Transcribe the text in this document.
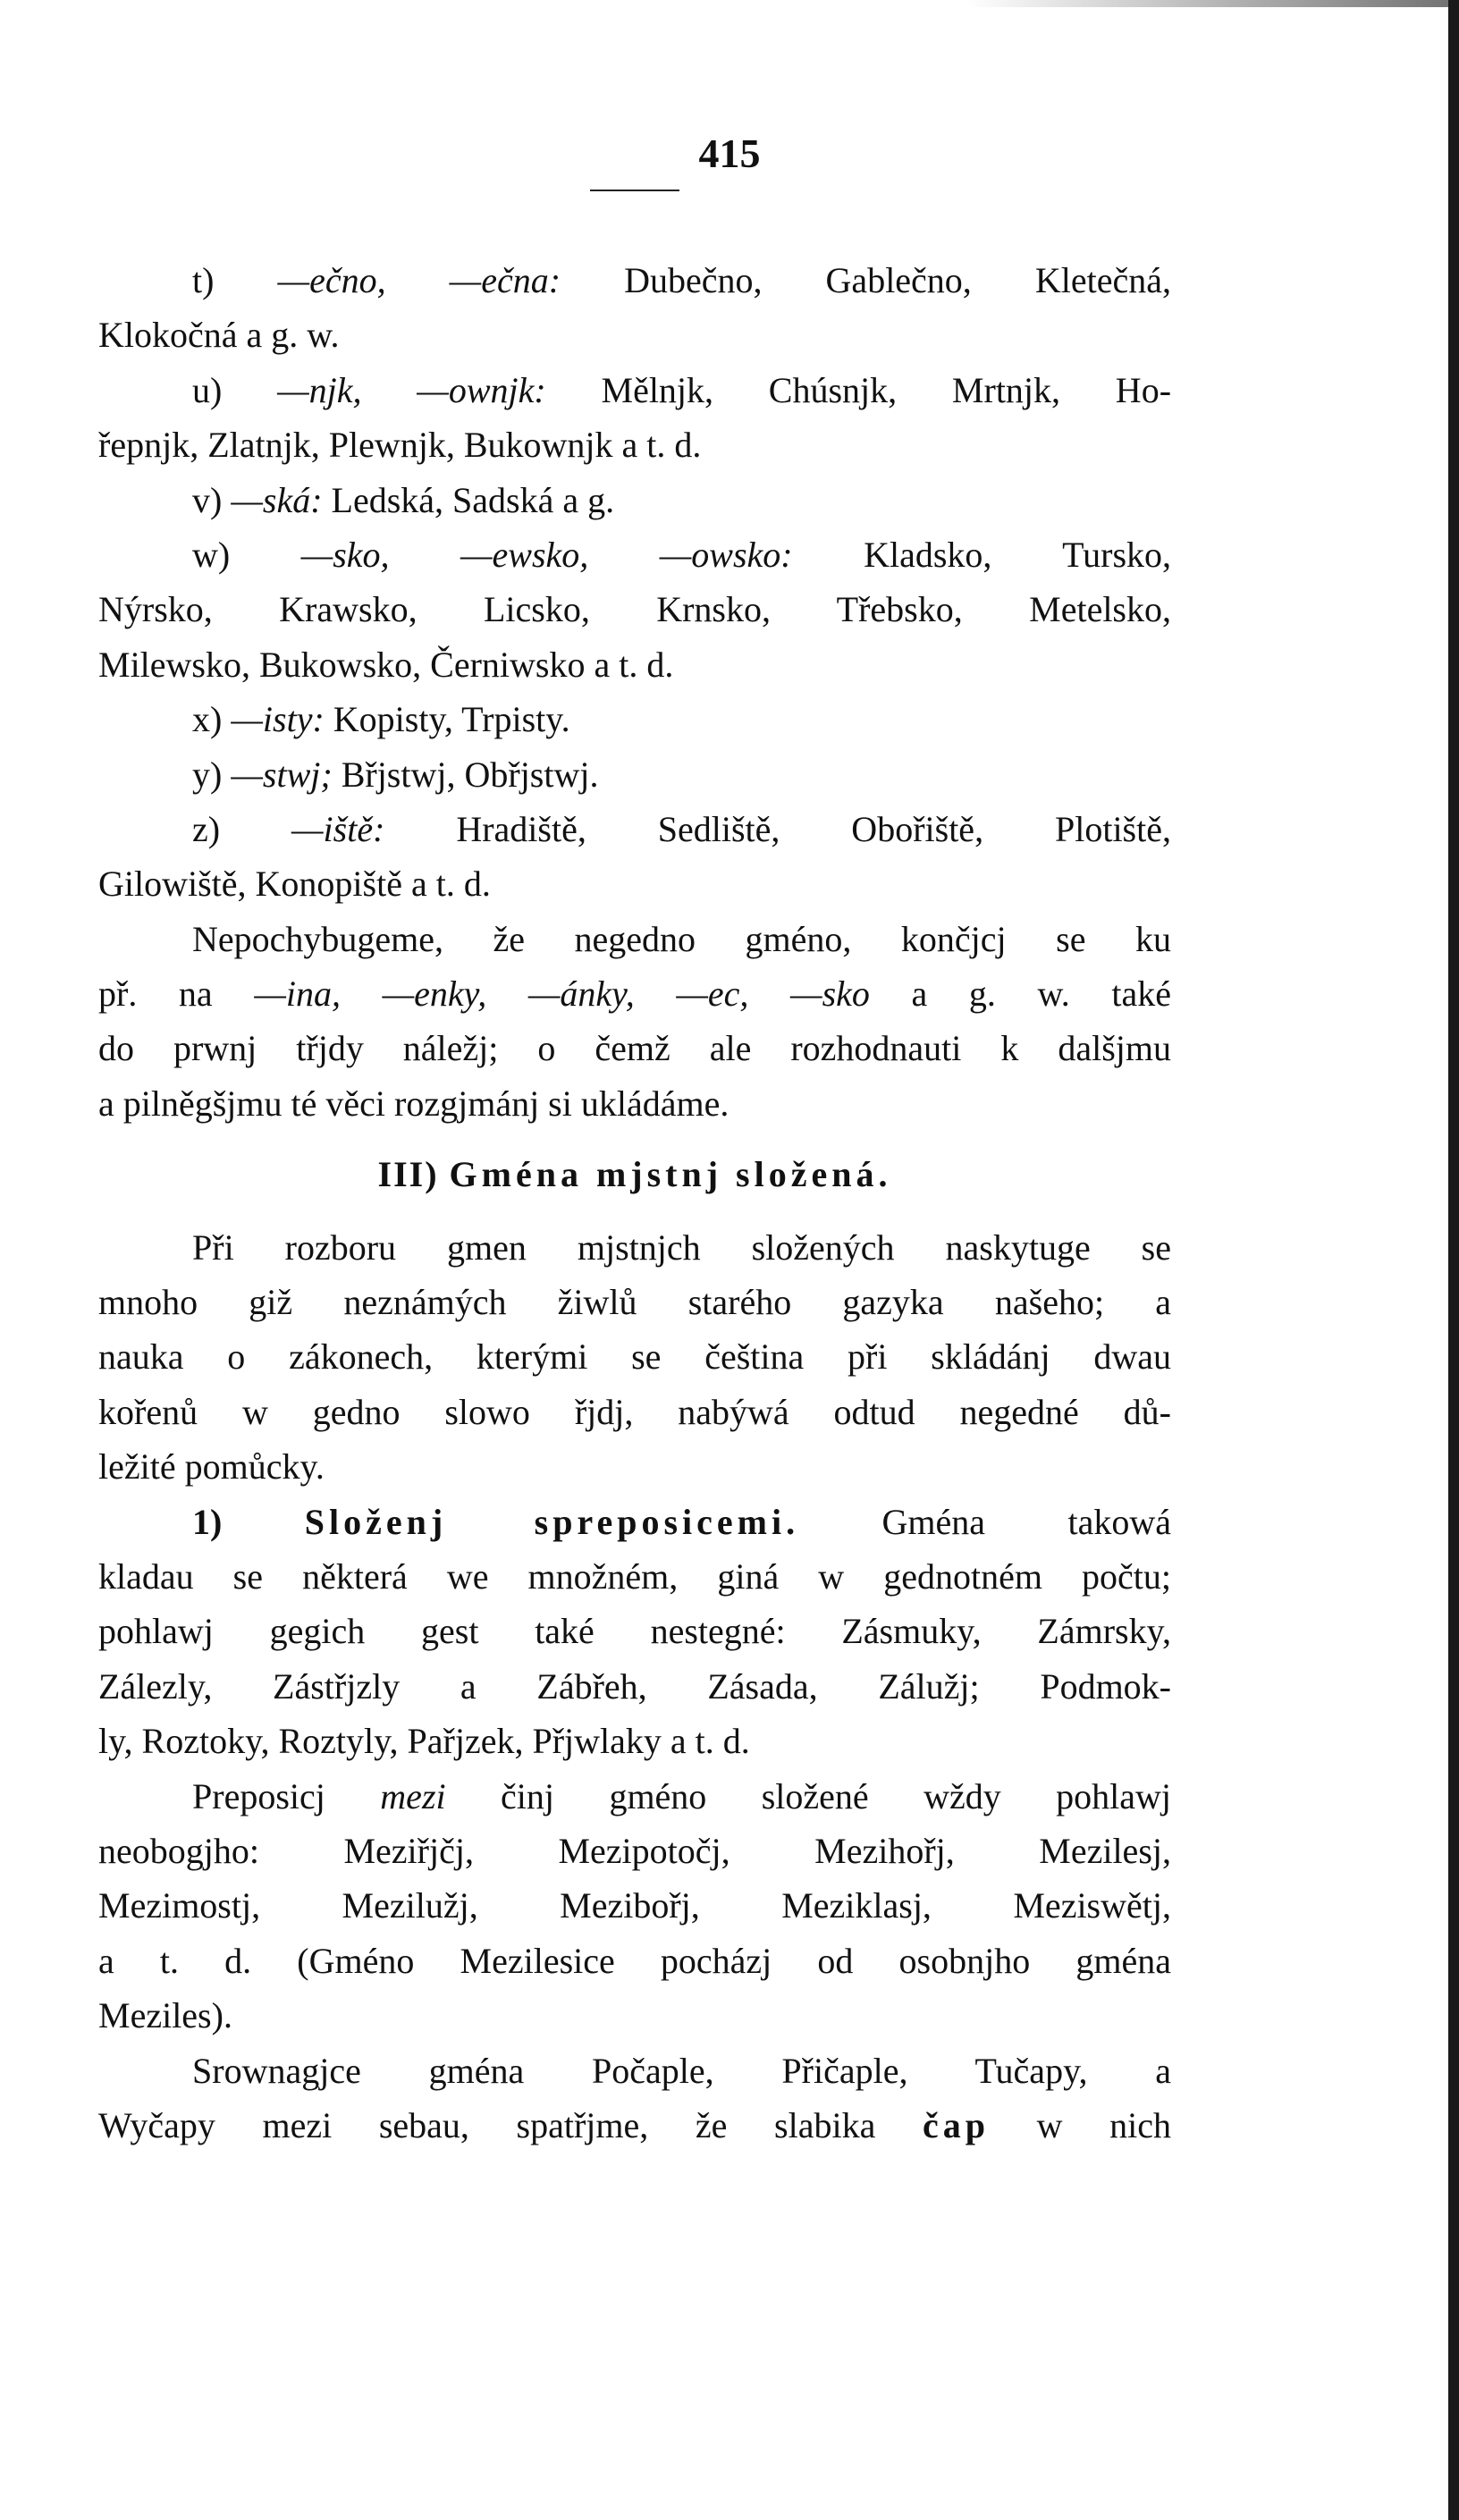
415
t) —ečno, —ečna: Dubečno, Gablečno, Kletečná,
Klokočná a g. w.
u) —njk, —ownjk: Mělnjk, Chúsnjk, Mrtnjk, Ho-
řepnjk, Zlatnjk, Plewnjk, Bukownjk a t. d.
v) —ská: Ledská, Sadská a g.
w) —sko, —ewsko, —owsko: Kladsko, Tursko,
Nýrsko, Krawsko, Licsko, Krnsko, Třebsko, Metelsko,
Milewsko, Bukowsko, Černiwsko a t. d.
x) —isty: Kopisty, Trpisty.
y) —stwj; Břjstwj, Obřjstwj.
z) —iště: Hradiště, Sedliště, Obořiště, Plotiště,
Gilowiště, Konopiště a t. d.
Nepochybugeme, že negedno gméno, končjcj se ku
př. na —ina, —enky, —ánky, —ec, —sko a g. w. také
do prwnj třjdy náležj; o čemž ale rozhodnauti k dalšjmu
a pilněgšjmu té věci rozgjmánj si ukládáme.
III) Gména mjstnj složená.
Při rozboru gmen mjstnjch složených naskytuge se
mnoho giž neznámých žiwlů starého gazyka našeho; a
nauka o zákonech, kterými se čeština při skládánj dwau
kořenů w gedno slowo řjdj, nabýwá odtud negedné dů-
ležité pomůcky.
1) Složenj spreposicemi. Gména takowá
kladau se některá we množném, giná w gednotném počtu;
pohlawj gegich gest také nestegné: Zásmuky, Zámrsky,
Zálezly, Zástřjzly a Zábřeh, Zásada, Zálužj; Podmok-
ly, Roztoky, Roztyly, Pařjzek, Přjwlaky a t. d.
Preposicj mezi činj gméno složené wždy pohlawj
neobogjho: Meziřjčj, Mezipotočj, Mezihořj, Mezilesj,
Mezimostj, Mezilužj, Mezibořj, Meziklasj, Meziswětj,
a t. d. (Gméno Mezilesice pocházj od osobnjho gména
Mezilеs).
Srownagjce gména Počaple, Přičaple, Tučapy, a
Wyčapy mezi sebau, spatřjme, že slabika čap w nich
